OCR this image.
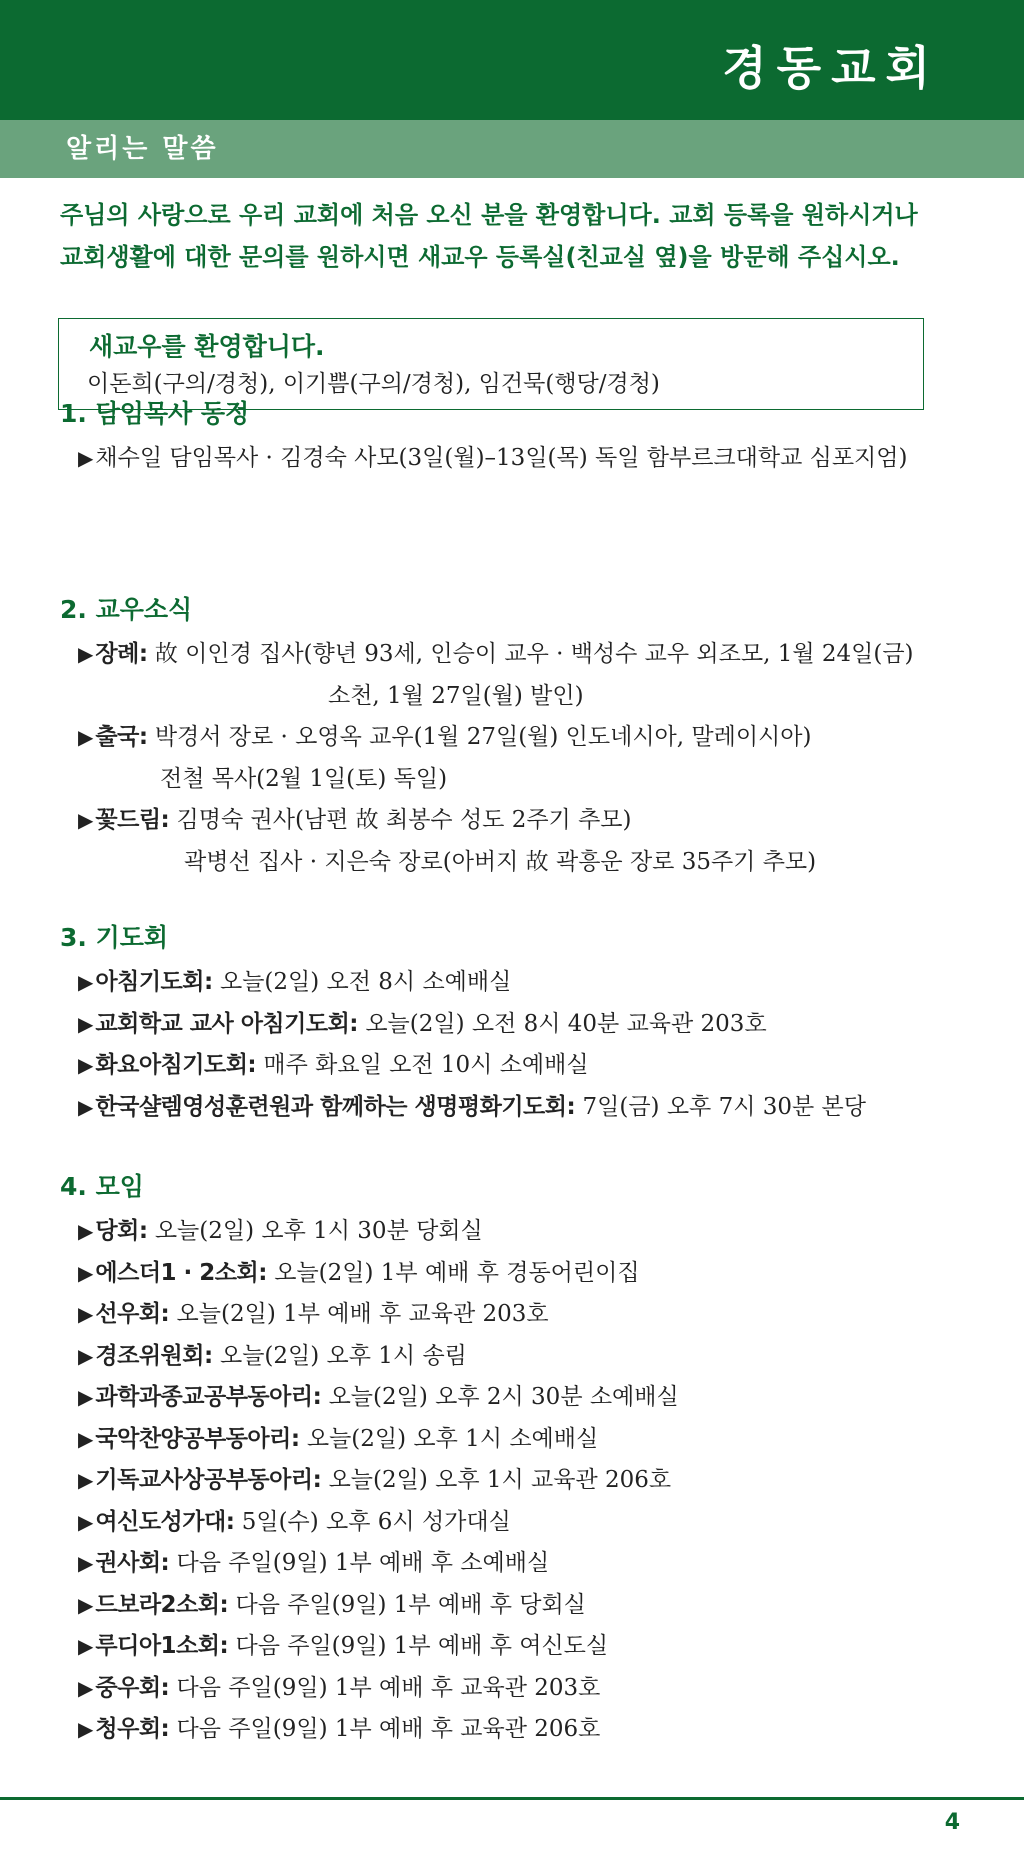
경동교회
알리는 말씀
주님의 사랑으로 우리 교회에 처음 오신 분을 환영합니다. 교회 등록을 원하시거나
교회생활에 대한 문의를 원하시면 새교우 등록실(친교실 옆)을 방문해 주십시오.
새교우를 환영합니다.
이돈희(구의/경청), 이기쁨(구의/경청), 임건묵(행당/경청)
1. 담임목사 동정
▶채수일 담임목사 · 김경숙 사모(3일(월)–13일(목) 독일 함부르크대학교 심포지엄)
2. 교우소식
▶장례: 故 이인경 집사(향년 93세, 인승이 교우 · 백성수 교우 외조모, 1월 24일(금)
소천, 1월 27일(월) 발인)
▶출국: 박경서 장로 · 오영옥 교우(1월 27일(월) 인도네시아, 말레이시아)
전철 목사(2월 1일(토) 독일)
▶꽃드림: 김명숙 권사(남편 故 최봉수 성도 2주기 추모)
곽병선 집사 · 지은숙 장로(아버지 故 곽흥운 장로 35주기 추모)
3. 기도회
▶아침기도회: 오늘(2일) 오전 8시 소예배실
▶교회학교 교사 아침기도회: 오늘(2일) 오전 8시 40분 교육관 203호
▶화요아침기도회: 매주 화요일 오전 10시 소예배실
▶한국샬렘영성훈련원과 함께하는 생명평화기도회: 7일(금) 오후 7시 30분 본당
4. 모임
▶당회: 오늘(2일) 오후 1시 30분 당회실
▶에스더1 · 2소회: 오늘(2일) 1부 예배 후 경동어린이집
▶선우회: 오늘(2일) 1부 예배 후 교육관 203호
▶경조위원회: 오늘(2일) 오후 1시 송림
▶과학과종교공부동아리: 오늘(2일) 오후 2시 30분 소예배실
▶국악찬양공부동아리: 오늘(2일) 오후 1시 소예배실
▶기독교사상공부동아리: 오늘(2일) 오후 1시 교육관 206호
▶여신도성가대: 5일(수) 오후 6시 성가대실
▶권사회: 다음 주일(9일) 1부 예배 후 소예배실
▶드보라2소회: 다음 주일(9일) 1부 예배 후 당회실
▶루디아1소회: 다음 주일(9일) 1부 예배 후 여신도실
▶중우회: 다음 주일(9일) 1부 예배 후 교육관 203호
▶청우회: 다음 주일(9일) 1부 예배 후 교육관 206호
4
